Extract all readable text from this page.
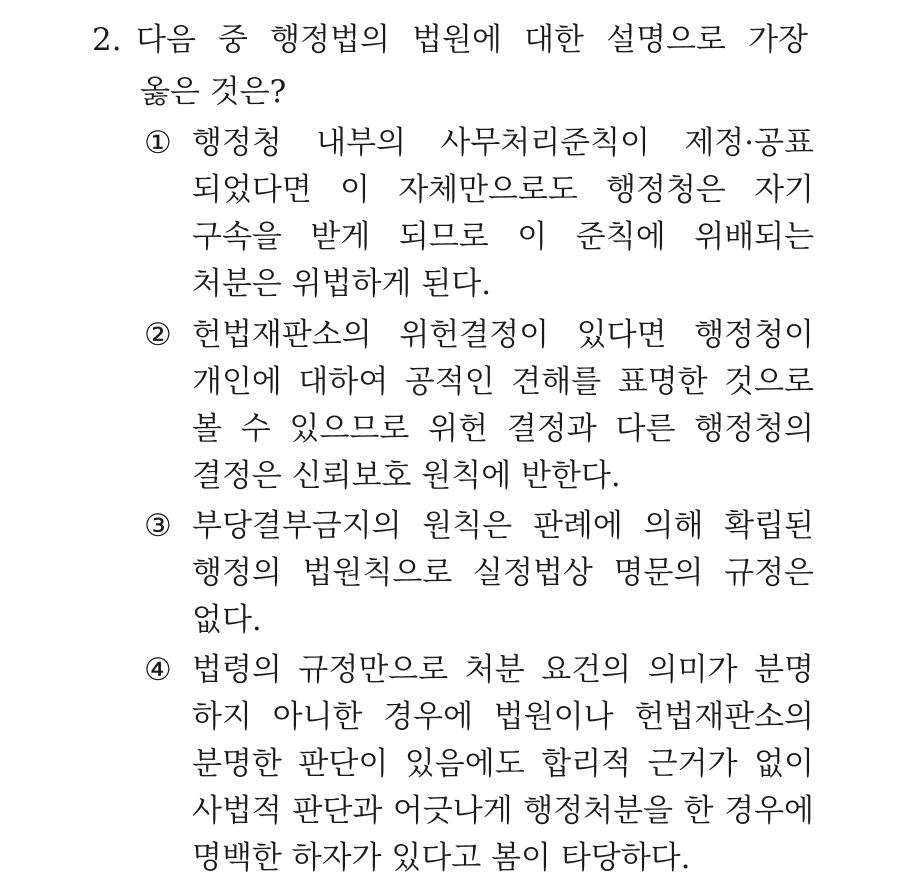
2. 다음 중 행정법의 법원에 대한 설명으로 가장
옳은 것은?
① 행정청 내부의 사무처리준칙이 제정·공표
되었다면 이 자체만으로도 행정청은 자기
구속을 받게 되므로 이 준칙에 위배되는
처분은 위법하게 된다.
② 헌법재판소의 위헌결정이 있다면 행정청이
개인에 대하여 공적인 견해를 표명한 것으로
볼 수 있으므로 위헌 결정과 다른 행정청의
결정은 신뢰보호 원칙에 반한다.
③ 부당결부금지의 원칙은 판례에 의해 확립된
행정의 법원칙으로 실정법상 명문의 규정은
없다.
④ 법령의 규정만으로 처분 요건의 의미가 분명
하지 아니한 경우에 법원이나 헌법재판소의
분명한 판단이 있음에도 합리적 근거가 없이
사법적 판단과 어긋나게 행정처분을 한 경우에
명백한 하자가 있다고 봄이 타당하다.
